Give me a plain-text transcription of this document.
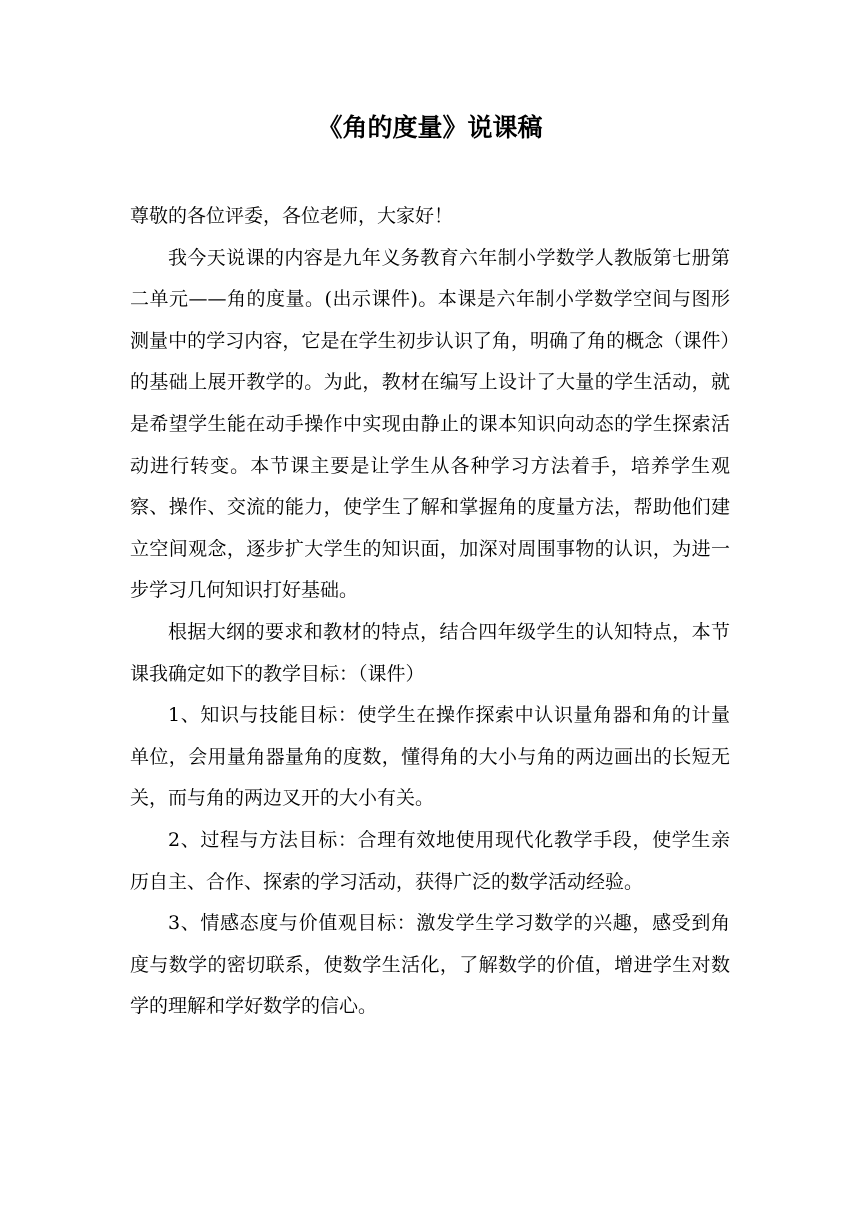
《角的度量》说课稿

尊敬的各位评委，各位老师，大家好！

我今天说课的内容是九年义务教育六年制小学数学人教版第七册第二单元——角的度量。(出示课件)。本课是六年制小学数学空间与图形测量中的学习内容，它是在学生初步认识了角，明确了角的概念（课件）的基础上展开教学的。为此，教材在编写上设计了大量的学生活动，就是希望学生能在动手操作中实现由静止的课本知识向动态的学生探索活动进行转变。本节课主要是让学生从各种学习方法着手，培养学生观察、操作、交流的能力，使学生了解和掌握角的度量方法，帮助他们建立空间观念，逐步扩大学生的知识面，加深对周围事物的认识，为进一步学习几何知识打好基础。

根据大纲的要求和教材的特点，结合四年级学生的认知特点，本节课我确定如下的教学目标：（课件）

1、知识与技能目标：使学生在操作探索中认识量角器和角的计量单位，会用量角器量角的度数，懂得角的大小与角的两边画出的长短无关，而与角的两边叉开的大小有关。

2、过程与方法目标：合理有效地使用现代化教学手段，使学生亲历自主、合作、探索的学习活动，获得广泛的数学活动经验。

3、情感态度与价值观目标：激发学生学习数学的兴趣，感受到角度与数学的密切联系，使数学生活化，了解数学的价值，增进学生对数学的理解和学好数学的信心。
